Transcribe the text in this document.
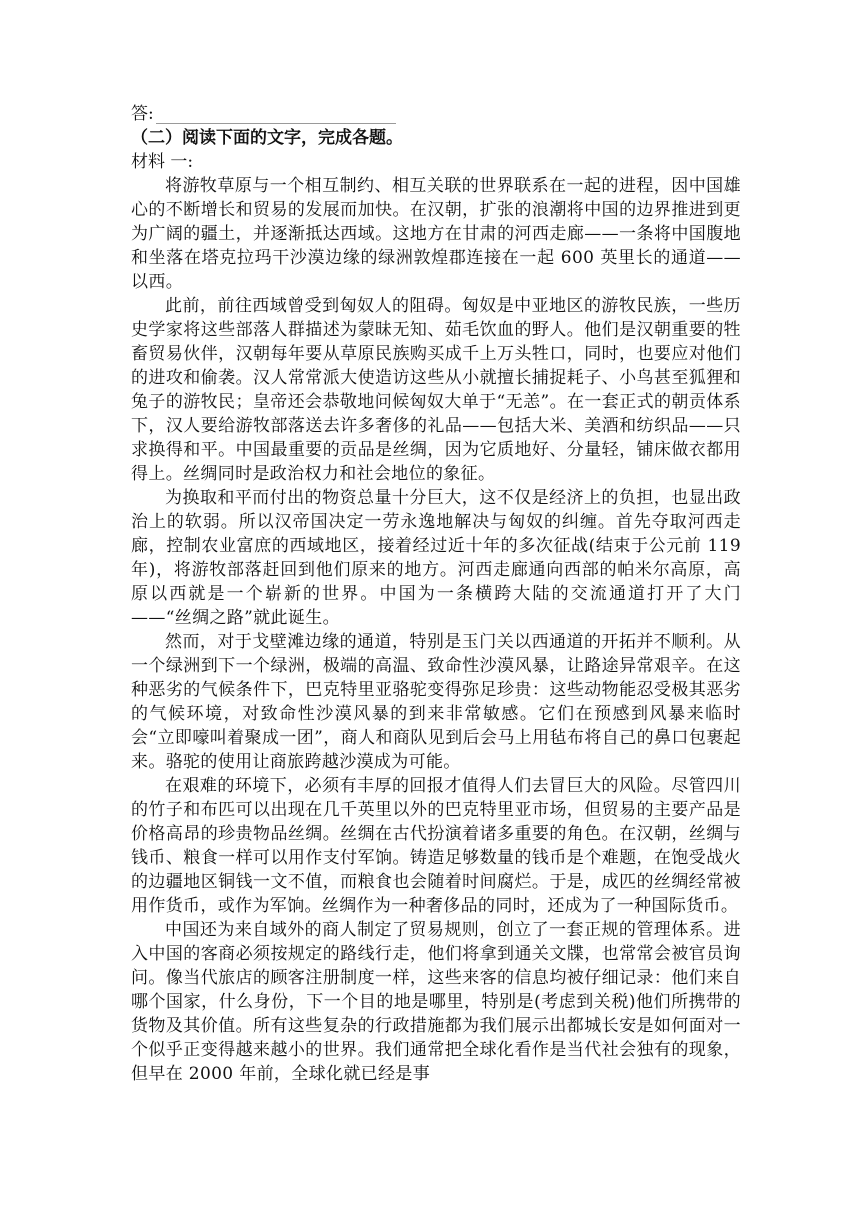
答:

（二）阅读下面的文字，完成各题。

材料 一:

将游牧草原与一个相互制约、相互关联的世界联系在一起的进程，因中国雄心的不断增长和贸易的发展而加快。在汉朝，扩张的浪潮将中国的边界推进到更为广阔的疆土，并逐渐抵达西域。这地方在甘肃的河西走廊——一条将中国腹地和坐落在塔克拉玛干沙漠边缘的绿洲敦煌郡连接在一起 600 英里长的通道——以西。

此前，前往西域曾受到匈奴人的阻碍。匈奴是中亚地区的游牧民族，一些历史学家将这些部落人群描述为蒙昧无知、茹毛饮血的野人。他们是汉朝重要的牲畜贸易伙伴，汉朝每年要从草原民族购买成千上万头牲口，同时，也要应对他们的进攻和偷袭。汉人常常派大使造访这些从小就擅长捕捉耗子、小鸟甚至狐狸和兔子的游牧民；皇帝还会恭敬地问候匈奴大单于“无恙”。在一套正式的朝贡体系下，汉人要给游牧部落送去许多奢侈的礼品——包括大米、美酒和纺织品——只求换得和平。中国最重要的贡品是丝绸，因为它质地好、分量轻，铺床做衣都用得上。丝绸同时是政治权力和社会地位的象征。

为换取和平而付出的物资总量十分巨大，这不仅是经济上的负担，也显出政治上的软弱。所以汉帝国决定一劳永逸地解决与匈奴的纠缠。首先夺取河西走廊，控制农业富庶的西域地区，接着经过近十年的多次征战(结束于公元前 119 年)，将游牧部落赶回到他们原来的地方。河西走廊通向西部的帕米尔高原，高原以西就是一个崭新的世界。中国为一条横跨大陆的交流通道打开了大门——“丝绸之路”就此诞生。

然而，对于戈壁滩边缘的通道，特别是玉门关以西通道的开拓并不顺利。从一个绿洲到下一个绿洲，极端的高温、致命性沙漠风暴，让路途异常艰辛。在这种恶劣的气候条件下，巴克特里亚骆驼变得弥足珍贵：这些动物能忍受极其恶劣的气候环境，对致命性沙漠风暴的到来非常敏感。它们在预感到风暴来临时会“立即嚎叫着聚成一团”，商人和商队见到后会马上用毡布将自己的鼻口包裹起来。骆驼的使用让商旅跨越沙漠成为可能。

在艰难的环境下，必须有丰厚的回报才值得人们去冒巨大的风险。尽管四川的竹子和布匹可以出现在几千英里以外的巴克特里亚市场，但贸易的主要产品是价格高昂的珍贵物品丝绸。丝绸在古代扮演着诸多重要的角色。在汉朝，丝绸与钱币、粮食一样可以用作支付军饷。铸造足够数量的钱币是个难题，在饱受战火的边疆地区铜钱一文不值，而粮食也会随着时间腐烂。于是，成匹的丝绸经常被用作货币，或作为军饷。丝绸作为一种奢侈品的同时，还成为了一种国际货币。

中国还为来自域外的商人制定了贸易规则，创立了一套正规的管理体系。进入中国的客商必须按规定的路线行走，他们将拿到通关文牒，也常常会被官员询问。像当代旅店的顾客注册制度一样，这些来客的信息均被仔细记录：他们来自哪个国家，什么身份，下一个目的地是哪里，特别是(考虑到关税)他们所携带的货物及其价值。所有这些复杂的行政措施都为我们展示出都城长安是如何面对一个似乎正变得越来越小的世界。我们通常把全球化看作是当代社会独有的现象，但早在 2000 年前，全球化就已经是事
